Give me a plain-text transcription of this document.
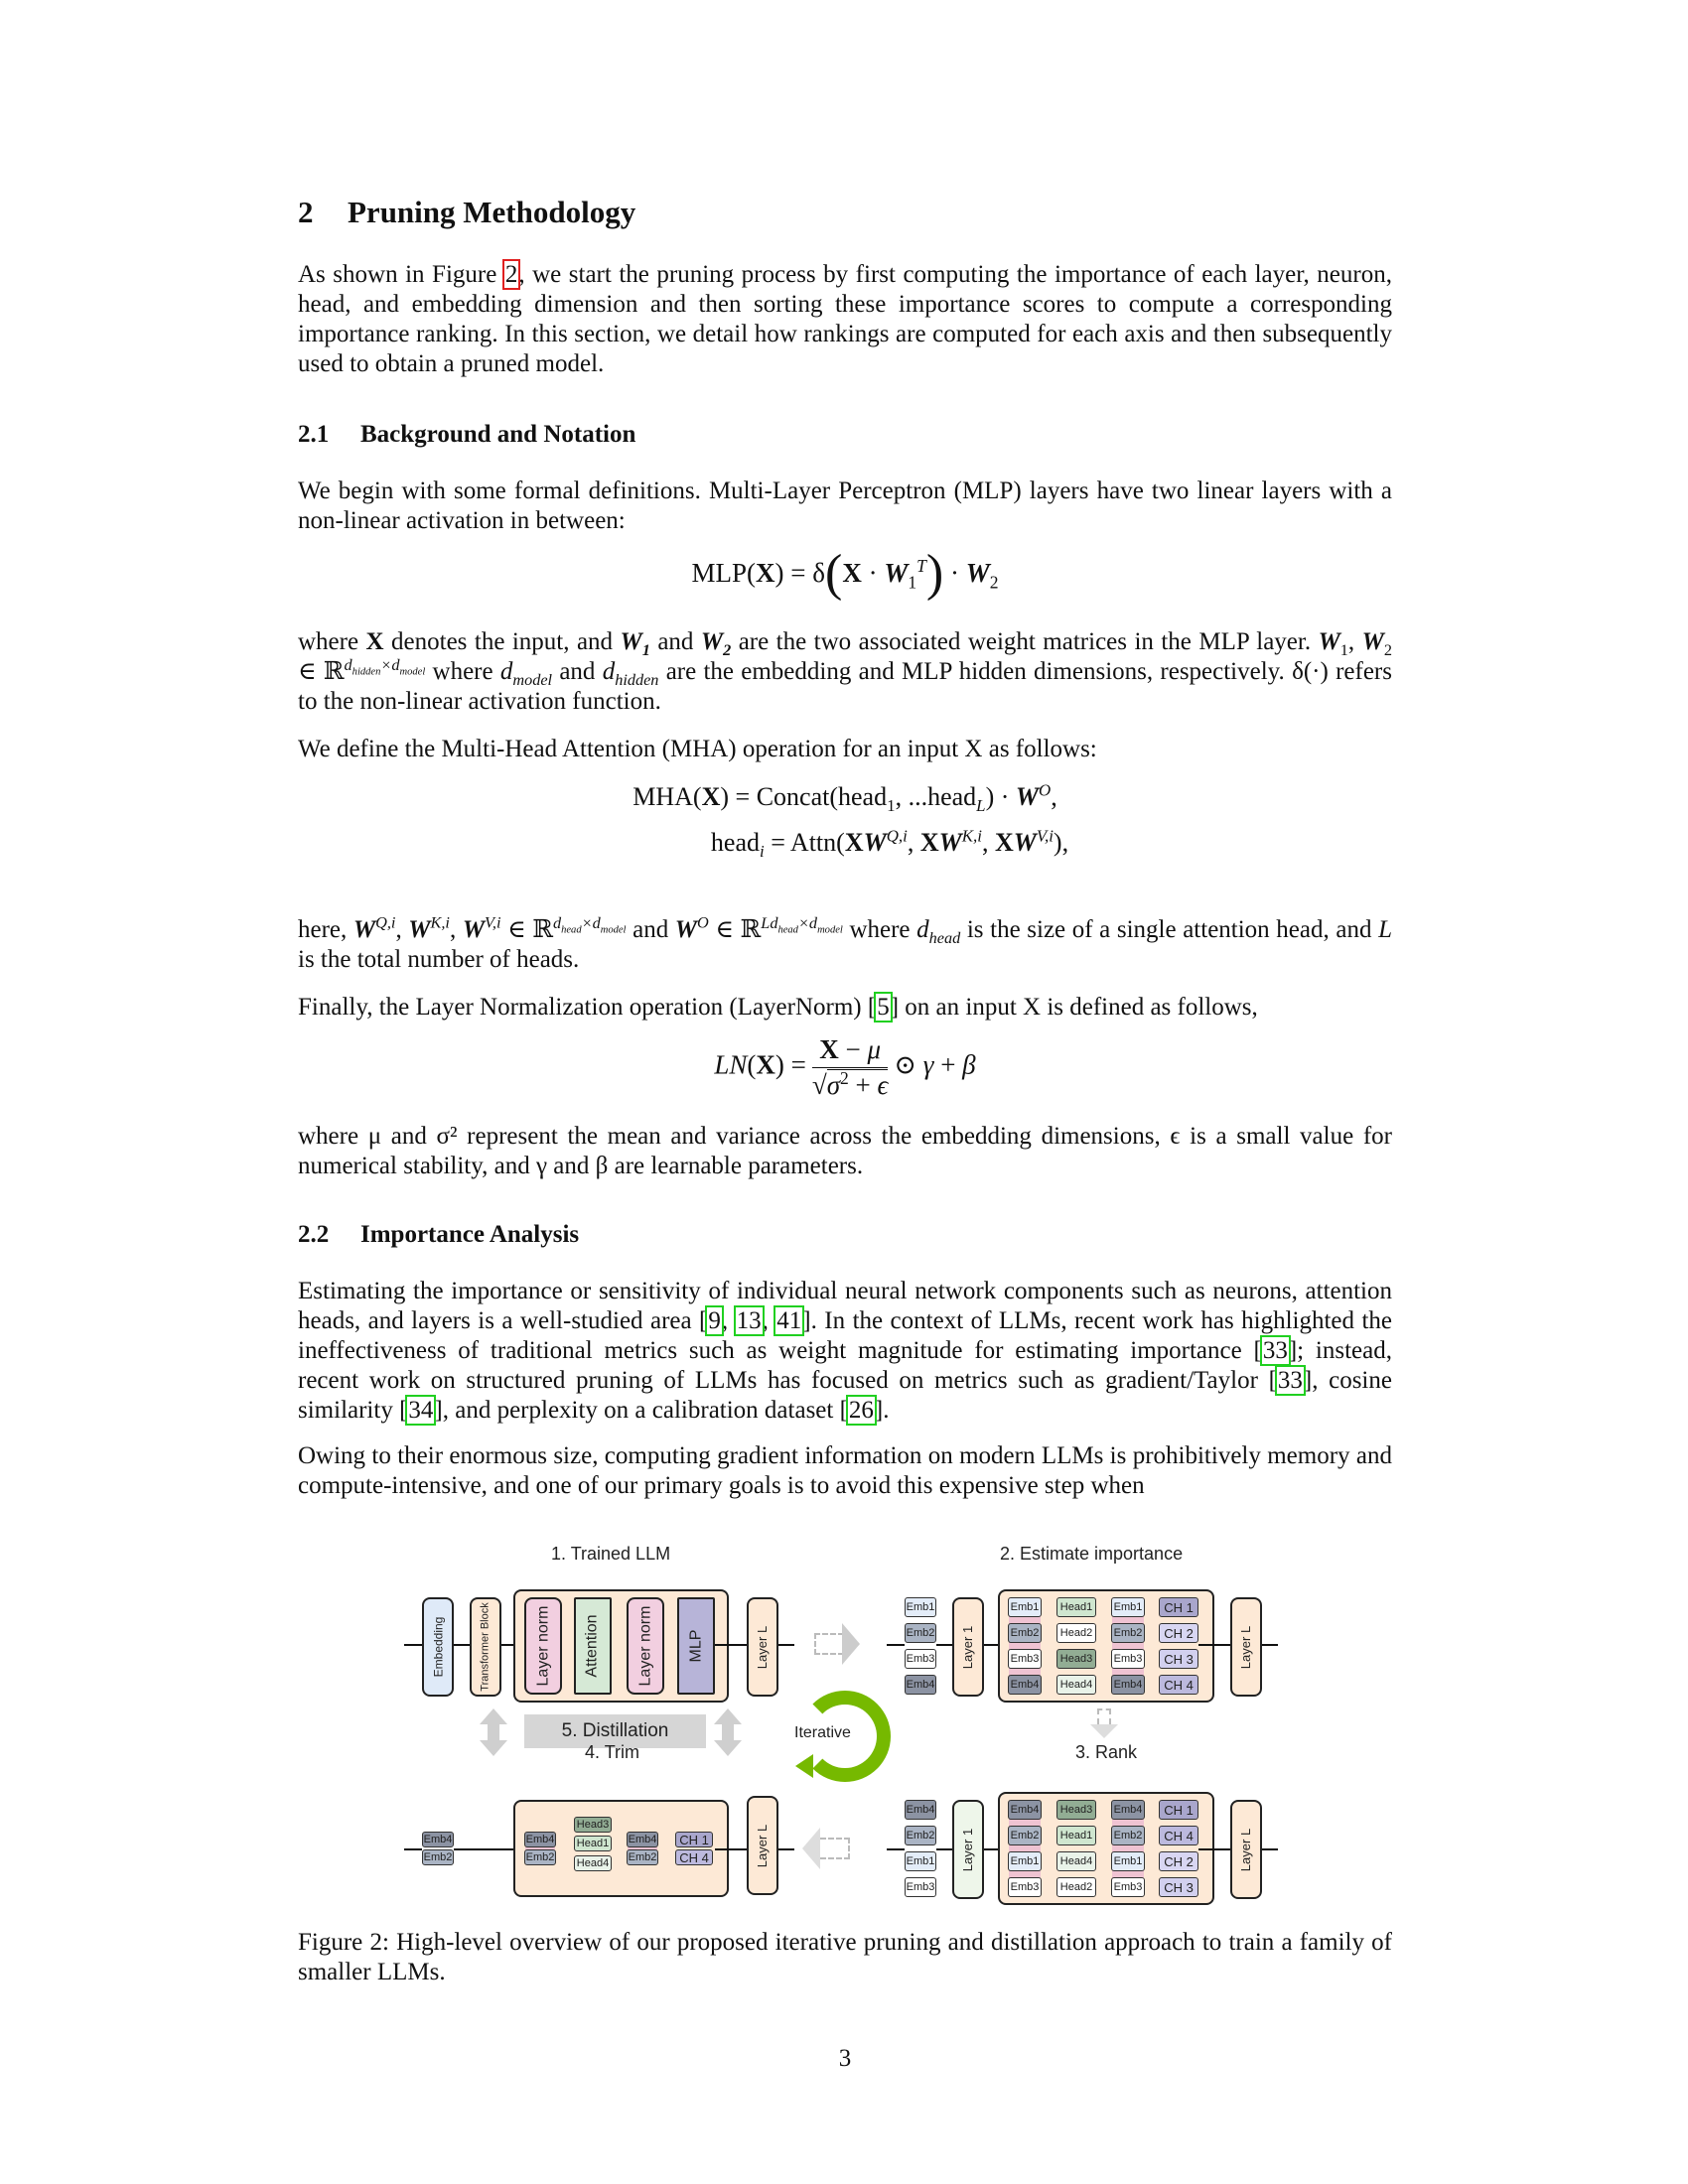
2 Pruning Methodology
As shown in Figure 2, we start the pruning process by first computing the importance of each layer, neuron, head, and embedding dimension and then sorting these importance scores to compute a corresponding importance ranking. In this section, we detail how rankings are computed for each axis and then subsequently used to obtain a pruned model.
2.1 Background and Notation
We begin with some formal definitions. Multi-Layer Perceptron (MLP) layers have two linear layers with a non-linear activation in between:
$MLP(X) = \delta(X \cdot W_1^T) \cdot W_2$
where X denotes the input, and $W_1$ and $W_2$ are the two associated weight matrices in the MLP layer. $W_1$, $W_2$ ∈ ℝ$^{d_{hidden}\times d_{model}}$ where $d_{model}$ and $d_{hidden}$ are the embedding and MLP hidden dimensions, respectively. δ(·) refers to the non-linear activation function.
We define the Multi-Head Attention (MHA) operation for an input X as follows:
MHA(X) = Concat(head$_1$, ...head$_L$) · $W^O$,
head$_i$ = $Attn(XW^{Q,i}$, $XW^{K,i}$, $XW^{V,i}$),
here, $W^{Q,i}$, $W^{K,i}$, $W^{V,i}$ ∈ ℝ$^{d_{head}\times d_{model}}$ and $W^O$ ∈ ℝ$^{Ld_{head}\times d_{model}}$ where $d_{head}$ is the size of a single attention head, and L is the total number of heads.
Finally, the Layer Normalization operation (LayerNorm) [5] on an input X is defined as follows,
$LN(X) = \frac{X - \mu}{√\sigma^2 + \epsilon}$ ⊙ γ + β
where μ and σ² represent the mean and variance across the embedding dimensions, ϵ is a small value for numerical stability, and γ and β are learnable parameters.
2.2 Importance Analysis
Estimating the importance or sensitivity of individual neural network components such as neurons, attention heads, and layers is a well-studied area [9, 13, 41]. In the context of LLMs, recent work has highlighted the ineffectiveness of traditional metrics such as weight magnitude for estimating importance [33]; instead, recent work on structured pruning of LLMs has focused on metrics such as gradient/Taylor [33], cosine similarity [34], and perplexity on a calibration dataset [26].
Owing to their enormous size, computing gradient information on modern LLMs is prohibitively memory and compute-intensive, and one of our primary goals is to avoid this expensive step when
Figure 2: High-level overview of our proposed iterative pruning and distillation approach to train a family of smaller LLMs.
3
1. Trained LLM
Embedding	Transformer Block	Layer norm Attention Layer norm MLP	Layer L
5. Distillation	Iterative
4. Trim
Emb4
Emb2
Emb4
Emb2
Head3
Head1
Head4
Emb4
Emb2
CH 1
CH 4	Layer L
2. Estimate importance
Emb1
Emb2
Emb3
Emb4
Layer 1
Emb1
Emb2
Emb3
Emb4
Head1
Head2
Head3
Head4
Emb1
Emb2
Emb3
Emb4
CH 1
CH 2
CH 3
CH 4
Layer L
3. Rank
Emb4
Emb2
Emb1
Emb3
Layer 1
Emb4
Emb2
Emb1
Emb3
Head3
Head1
Head4
Head2
Emb4
Emb2
Emb1
Emb3
CH 1
CH 4
CH 2
CH 3
Layer L
